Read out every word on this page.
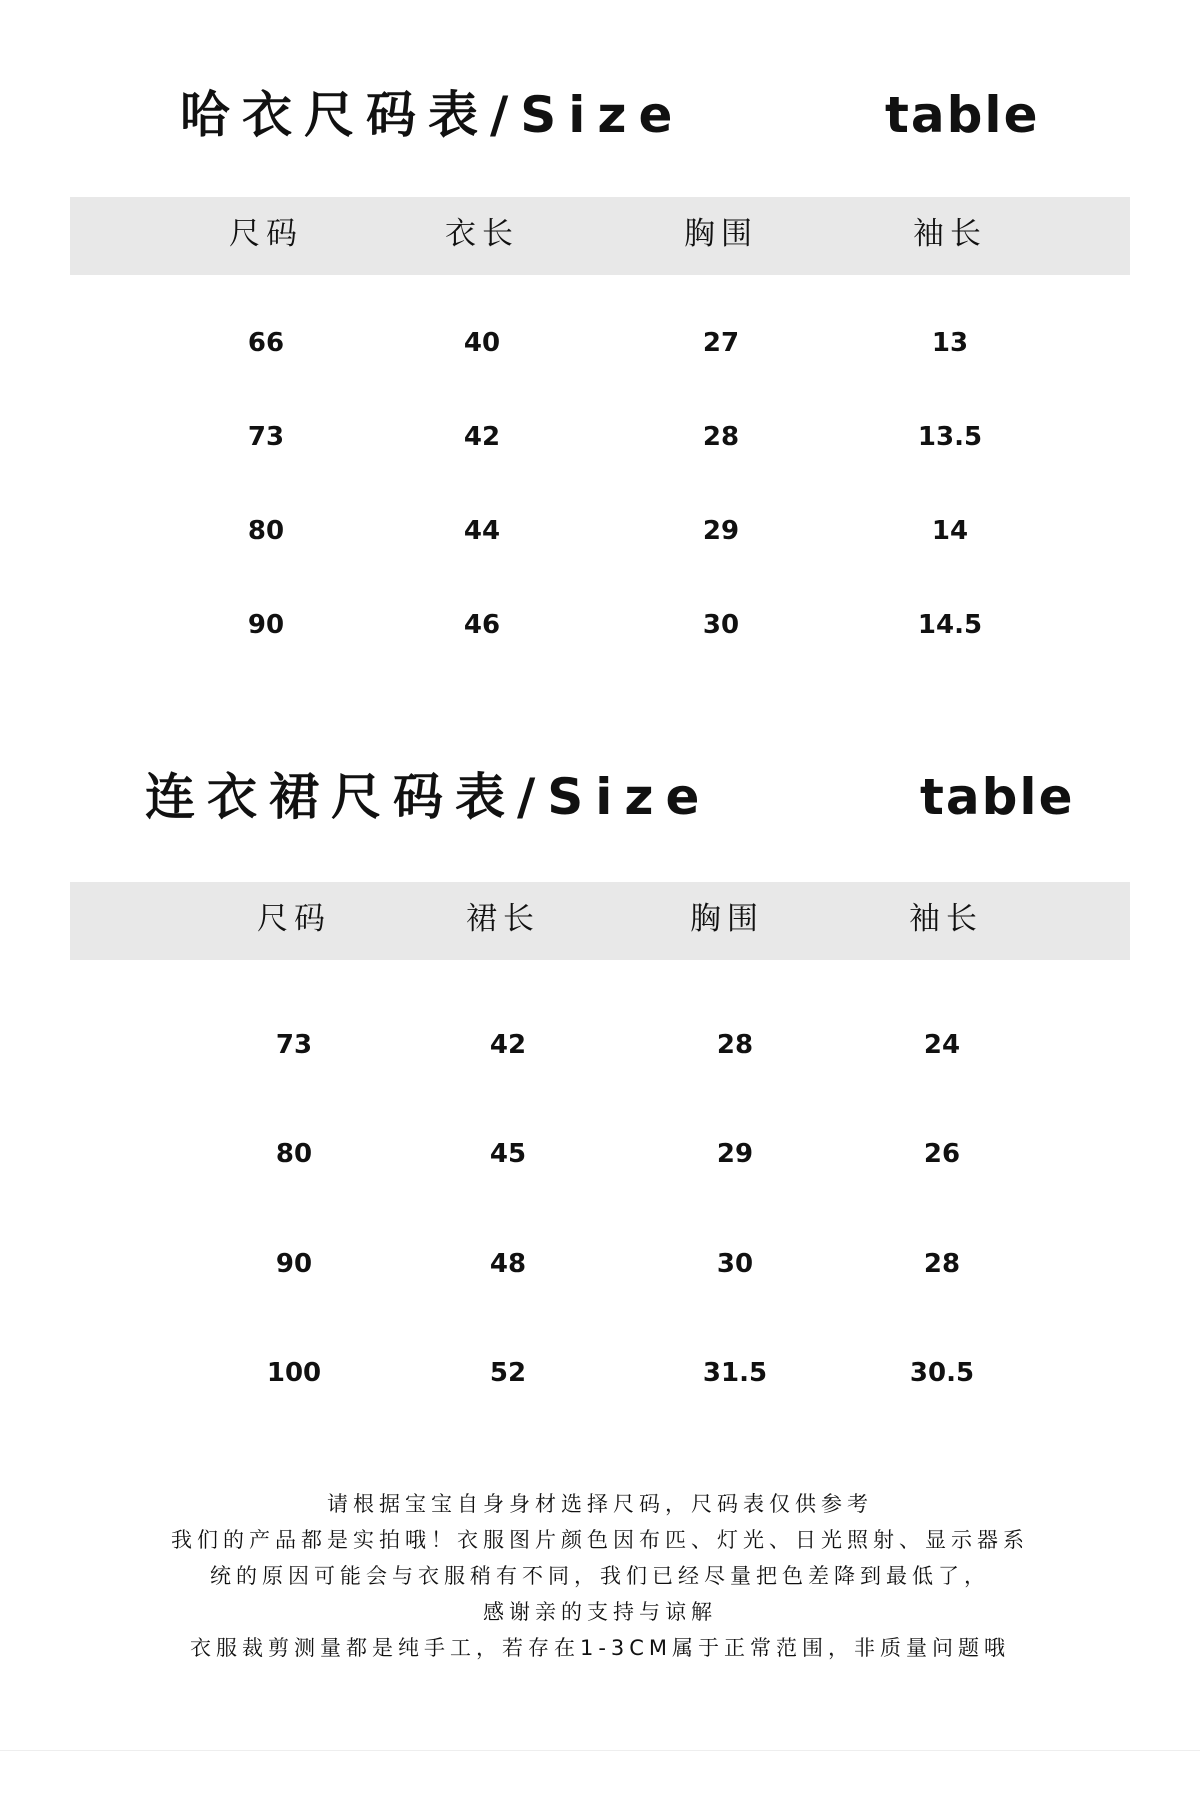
哈衣尺码表/Size	table
尺码	衣长	胸围	袖长
66	40	27	13
73	42	28	13.5
80	44	29	14
90	46	30	14.5
连衣裙尺码表/Size	table
尺码	裙长	胸围	袖长
73	42	28	24
80	45	29	26
90	48	30	28
100	52	31.5	30.5
请根据宝宝自身身材选择尺码，尺码表仅供参考
我们的产品都是实拍哦！衣服图片颜色因布匹、灯光、日光照射、显示器系
统的原因可能会与衣服稍有不同，我们已经尽量把色差降到最低了，
感谢亲的支持与谅解
衣服裁剪测量都是纯手工，若存在1-3CM属于正常范围，非质量问题哦
